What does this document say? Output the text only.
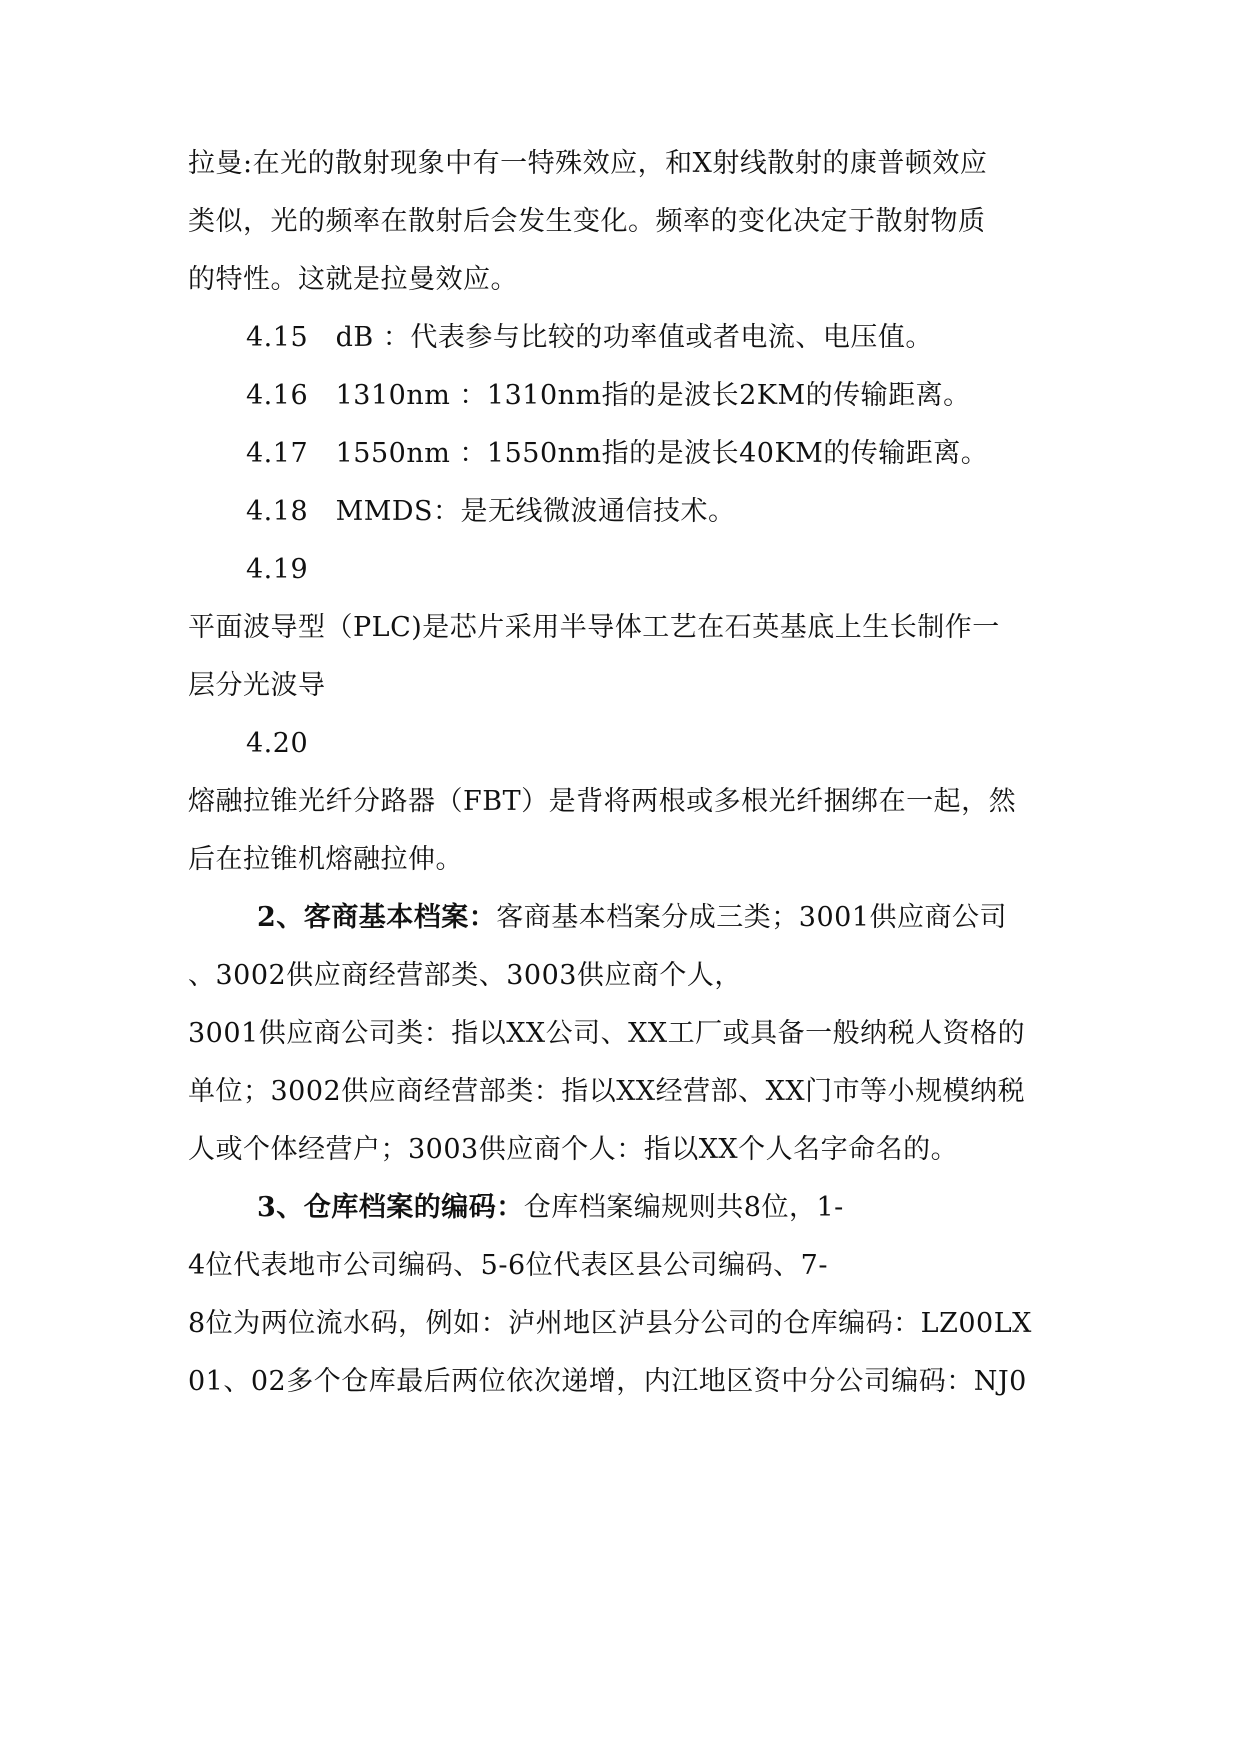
拉曼:在光的散射现象中有一特殊效应，和X射线散射的康普顿效应
类似，光的频率在散射后会发生变化。频率的变化决定于散射物质
的特性。这就是拉曼效应。
4.15　dB ：代表参与比较的功率值或者电流、电压值。
4.16　1310nm ：1310nm指的是波长2KM的传输距离。
4.17　1550nm ：1550nm指的是波长40KM的传输距离。
4.18　MMDS：是无线微波通信技术。
4.19
平面波导型（PLC)是芯片采用半导体工艺在石英基底上生长制作一
层分光波导
4.20
熔融拉锥光纤分路器（FBT）是背将两根或多根光纤捆绑在一起，然
后在拉锥机熔融拉伸。
2、客商基本档案：客商基本档案分成三类；3001供应商公司
、3002供应商经营部类、3003供应商个人，
3001供应商公司类：指以XX公司、XX工厂或具备一般纳税人资格的
单位；3002供应商经营部类：指以XX经营部、XX门市等小规模纳税
人或个体经营户；3003供应商个人：指以XX个人名字命名的。
3、仓库档案的编码：仓库档案编规则共8位，1-
4位代表地市公司编码、5-6位代表区县公司编码、7-
8位为两位流水码，例如：泸州地区泸县分公司的仓库编码：LZ00LX
01、02多个仓库最后两位依次递增，内江地区资中分公司编码：NJ0
